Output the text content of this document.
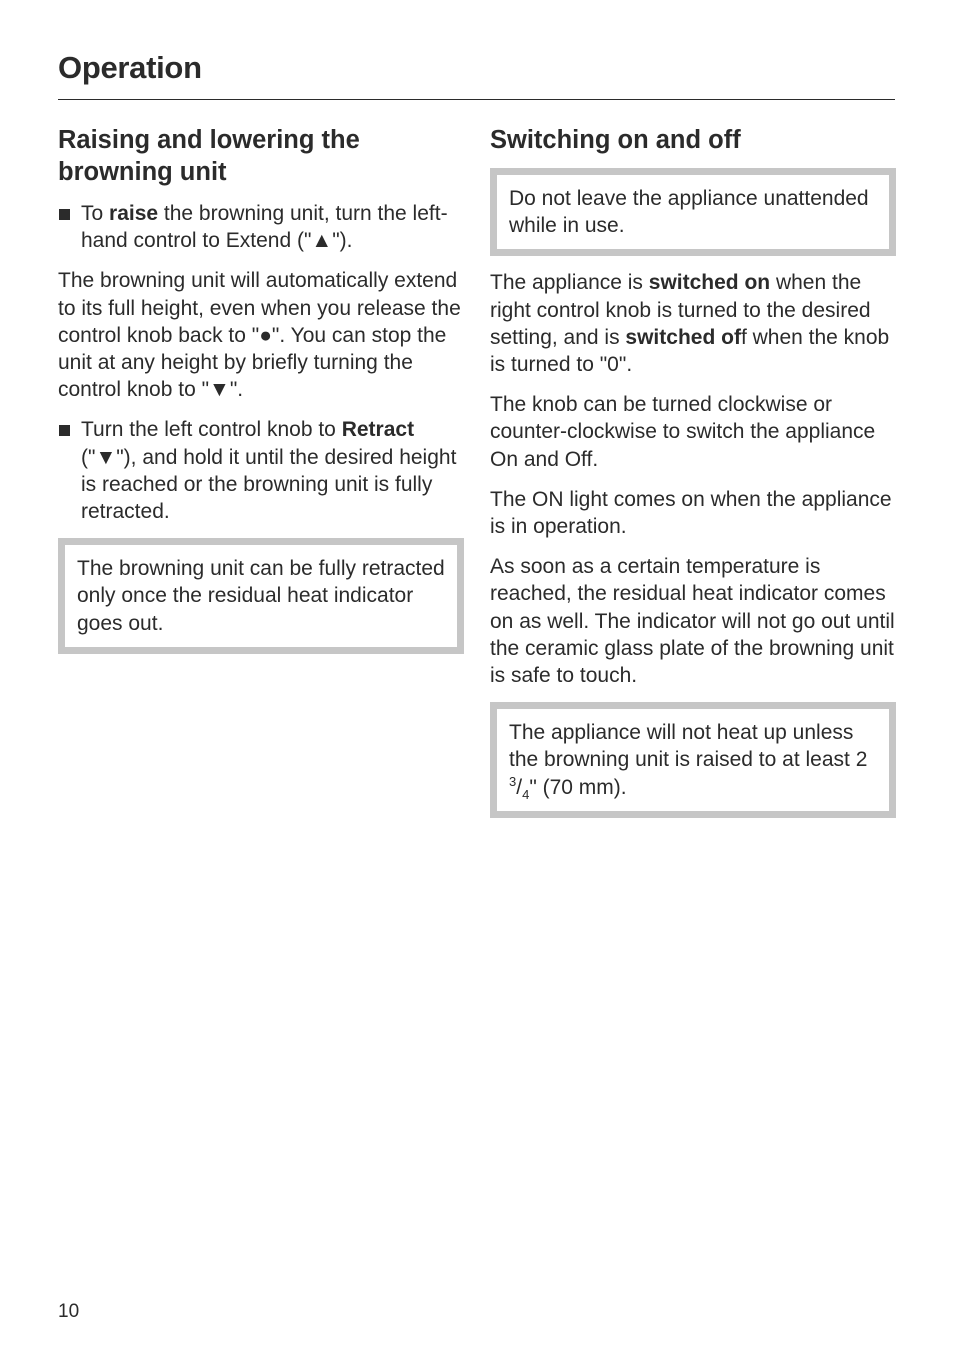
Operation
Raising and lowering the browning unit
To raise the browning unit, turn the left-hand control to Extend ("▲").

The browning unit will automatically extend to its full height, even when you release the control knob back to "●". You can stop the unit at any height by briefly turning the control knob to "▼".

Turn the left control knob to Retract ("▼"), and hold it until the desired height is reached or the browning unit is fully retracted.
The browning unit can be fully retracted only once the residual heat indicator goes out.
Switching on and off
Do not leave the appliance unattended while in use.

The appliance is switched on when the right control knob is turned to the desired setting, and is switched off when the knob is turned to "0".

The knob can be turned clockwise or counter-clockwise to switch the appliance On and Off.

The ON light comes on when the appliance is in operation.

As soon as a certain temperature is reached, the residual heat indicator comes on as well. The indicator will not go out until the ceramic glass plate of the browning unit is safe to touch.

The appliance will not heat up unless the browning unit is raised to at least 2 $^3/_4$" (70 mm).
10
